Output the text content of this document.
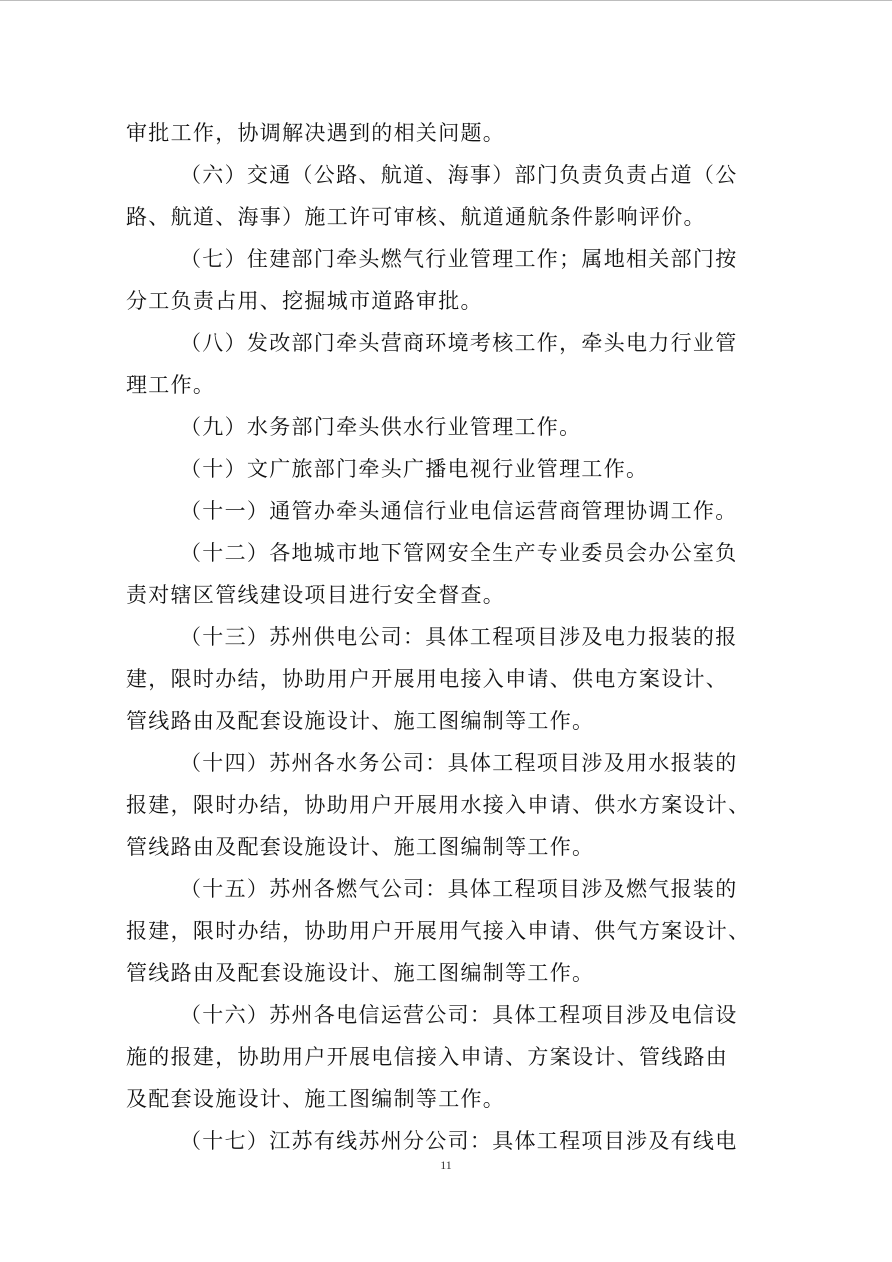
审批工作，协调解决遇到的相关问题。
（六）交通（公路、航道、海事）部门负责负责占道（公
路、航道、海事）施工许可审核、航道通航条件影响评价。
（七）住建部门牵头燃气行业管理工作；属地相关部门按
分工负责占用、挖掘城市道路审批。
（八）发改部门牵头营商环境考核工作，牵头电力行业管
理工作。
（九）水务部门牵头供水行业管理工作。
（十）文广旅部门牵头广播电视行业管理工作。
（十一）通管办牵头通信行业电信运营商管理协调工作。
（十二）各地城市地下管网安全生产专业委员会办公室负
责对辖区管线建设项目进行安全督查。
（十三）苏州供电公司：具体工程项目涉及电力报装的报
建，限时办结，协助用户开展用电接入申请、供电方案设计、
管线路由及配套设施设计、施工图编制等工作。
（十四）苏州各水务公司：具体工程项目涉及用水报装的
报建，限时办结，协助用户开展用水接入申请、供水方案设计、
管线路由及配套设施设计、施工图编制等工作。
（十五）苏州各燃气公司：具体工程项目涉及燃气报装的
报建，限时办结，协助用户开展用气接入申请、供气方案设计、
管线路由及配套设施设计、施工图编制等工作。
（十六）苏州各电信运营公司：具体工程项目涉及电信设
施的报建，协助用户开展电信接入申请、方案设计、管线路由
及配套设施设计、施工图编制等工作。
（十七）江苏有线苏州分公司：具体工程项目涉及有线电
11
